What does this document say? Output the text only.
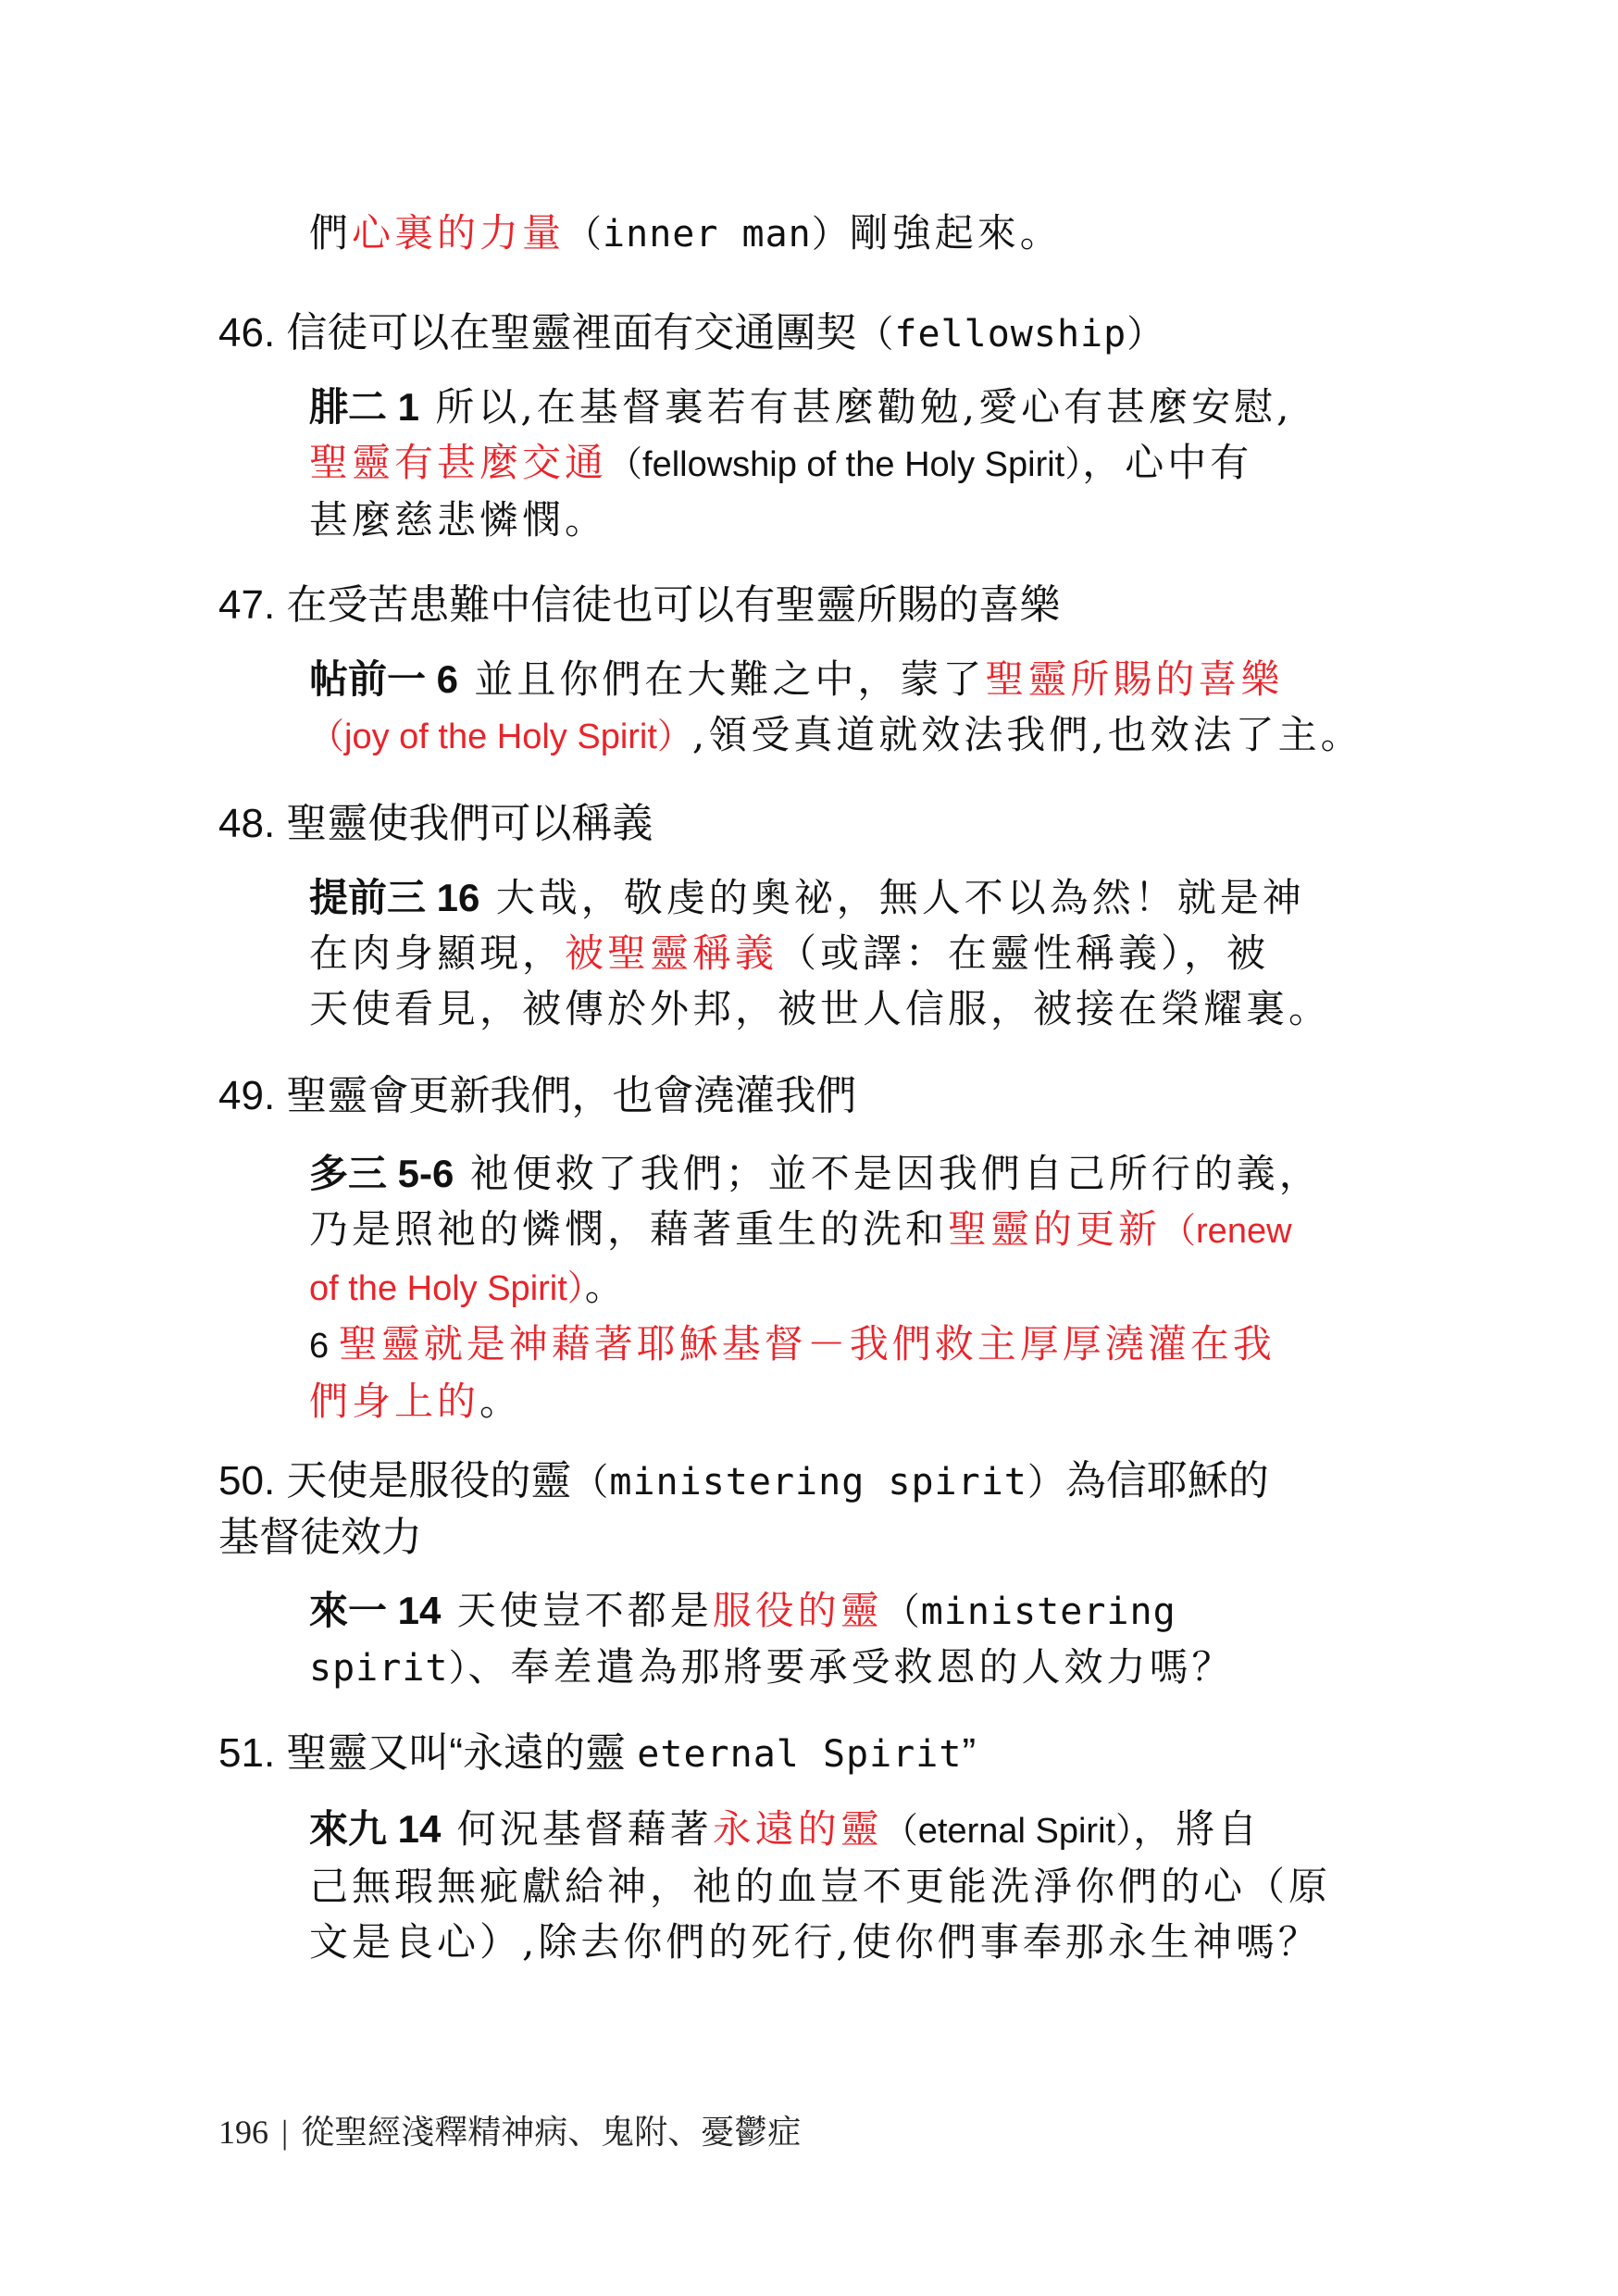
們心裏的力量（inner man）剛強起來。
46. 信徒可以在聖靈裡面有交通團契（fellowship）
腓二 1 所以,在基督裏若有甚麼勸勉,愛心有甚麼安慰,
聖靈有甚麼交通（fellowship of the Holy Spirit），心中有
甚麼慈悲憐憫。
47. 在受苦患難中信徒也可以有聖靈所賜的喜樂
帖前一 6 並且你們在大難之中，蒙了聖靈所賜的喜樂
（joy of the Holy Spirit）,領受真道就效法我們,也效法了主。
48. 聖靈使我們可以稱義
提前三 16 大哉，敬虔的奧祕，無人不以為然！就是神
在肉身顯現，被聖靈稱義（或譯：在靈性稱義），被
天使看見，被傳於外邦，被世人信服，被接在榮耀裏。
49. 聖靈會更新我們，也會澆灌我們
多三 5-6 祂便救了我們；並不是因我們自己所行的義，
乃是照祂的憐憫，藉著重生的洗和聖靈的更新（renew
of the Holy Spirit）。
6 聖靈就是神藉著耶穌基督－我們救主厚厚澆灌在我
們身上的。
50. 天使是服役的靈（ministering spirit）為信耶穌的
基督徒效力
來一 14 天使豈不都是服役的靈（ministering
spirit）、奉差遣為那將要承受救恩的人效力嗎？
51. 聖靈又叫“永遠的靈 eternal Spirit”
來九 14 何況基督藉著永遠的靈（eternal Spirit），將自
己無瑕無疵獻給神，祂的血豈不更能洗淨你們的心（原
文是良心）,除去你們的死行,使你們事奉那永生神嗎？
196 | 從聖經淺釋精神病、鬼附、憂鬱症
